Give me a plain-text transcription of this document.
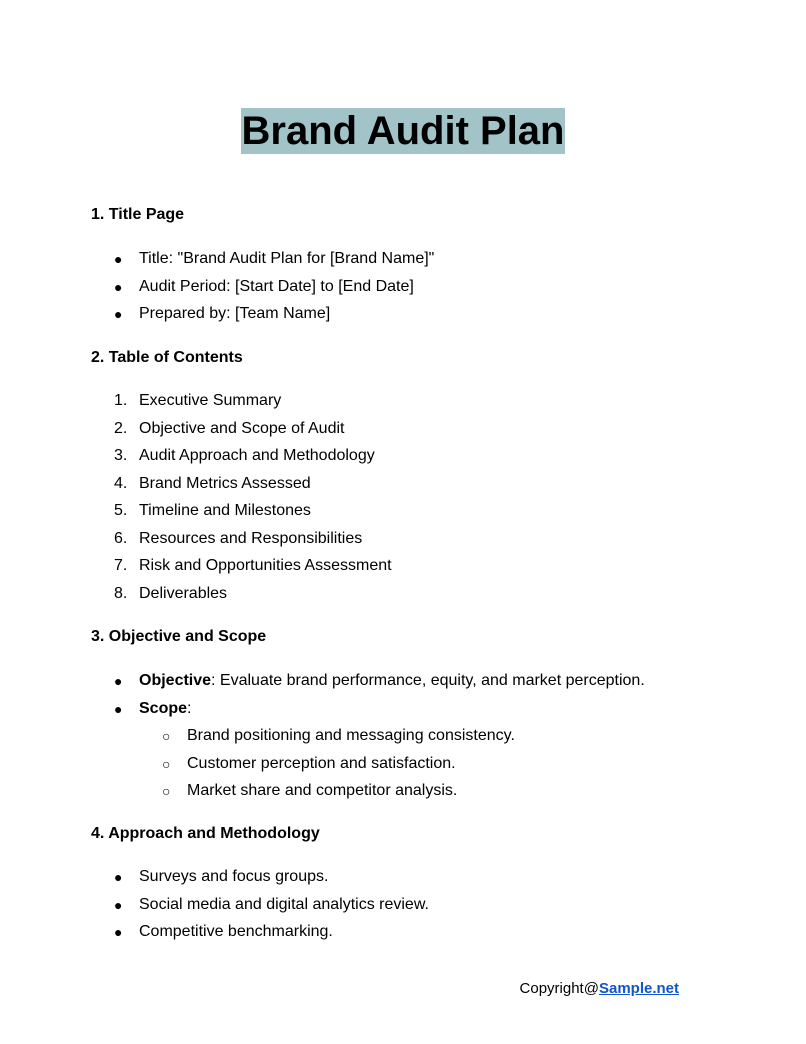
Brand Audit Plan
1. Title Page
● Title: "Brand Audit Plan for [Brand Name]"
● Audit Period: [Start Date] to [End Date]
● Prepared by: [Team Name]
2. Table of Contents
1. Executive Summary
2. Objective and Scope of Audit
3. Audit Approach and Methodology
4. Brand Metrics Assessed
5. Timeline and Milestones
6. Resources and Responsibilities
7. Risk and Opportunities Assessment
8. Deliverables
3. Objective and Scope
● Objective: Evaluate brand performance, equity, and market perception.
● Scope:
○ Brand positioning and messaging consistency.
○ Customer perception and satisfaction.
○ Market share and competitor analysis.
4. Approach and Methodology
● Surveys and focus groups.
● Social media and digital analytics review.
● Competitive benchmarking.
Copyright@Sample.net
